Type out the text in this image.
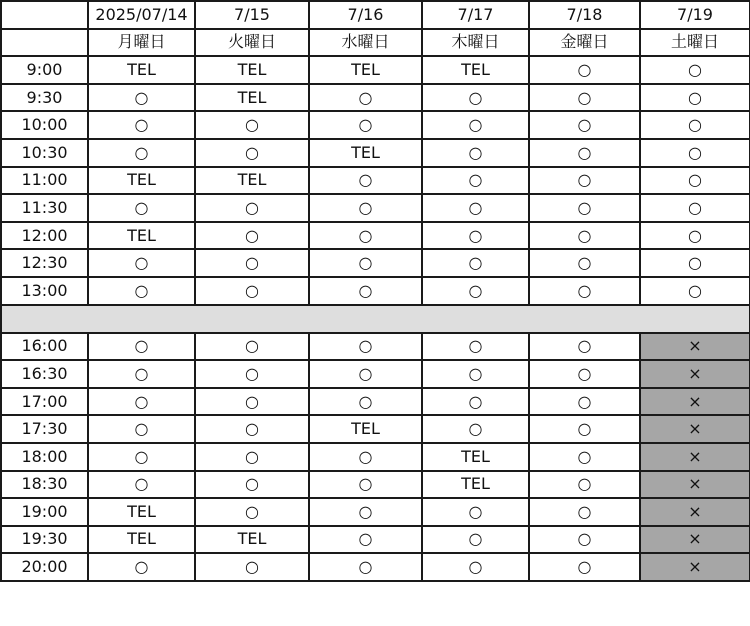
	2025/07/14	7/15	7/16	7/17	7/18	7/19
	月曜日	火曜日	水曜日	木曜日	金曜日	土曜日
9:00	TEL	TEL	TEL	TEL	○	○
9:30	○	TEL	○	○	○	○
10:00	○	○	○	○	○	○
10:30	○	○	TEL	○	○	○
11:00	TEL	TEL	○	○	○	○
11:30	○	○	○	○	○	○
12:00	TEL	○	○	○	○	○
12:30	○	○	○	○	○	○
13:00	○	○	○	○	○	○

16:00	○	○	○	○	○	×
16:30	○	○	○	○	○	×
17:00	○	○	○	○	○	×
17:30	○	○	TEL	○	○	×
18:00	○	○	○	TEL	○	×
18:30	○	○	○	TEL	○	×
19:00	TEL	○	○	○	○	×
19:30	TEL	TEL	○	○	○	×
20:00	○	○	○	○	○	×
